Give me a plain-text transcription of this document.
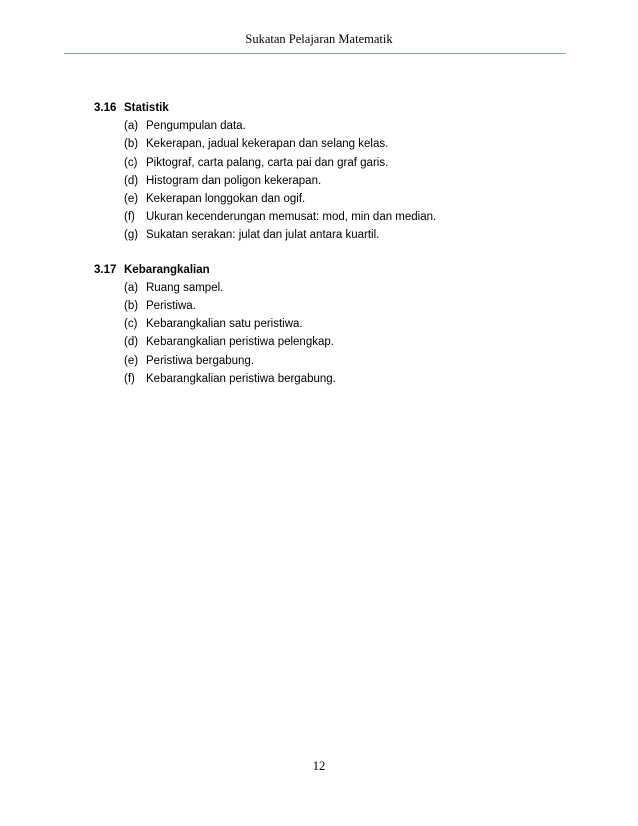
Sukatan Pelajaran Matematik
3.16 Statistik
(a) Pengumpulan data.
(b) Kekerapan, jadual kekerapan dan selang kelas.
(c) Piktograf, carta palang, carta pai dan graf garis.
(d) Histogram dan poligon kekerapan.
(e) Kekerapan longgokan dan ogif.
(f) Ukuran kecenderungan memusat: mod, min dan median.
(g) Sukatan serakan: julat dan julat antara kuartil.
3.17 Kebarangkalian
(a) Ruang sampel.
(b) Peristiwa.
(c) Kebarangkalian satu peristiwa.
(d) Kebarangkalian peristiwa pelengkap.
(e) Peristiwa bergabung.
(f) Kebarangkalian peristiwa bergabung.
12
